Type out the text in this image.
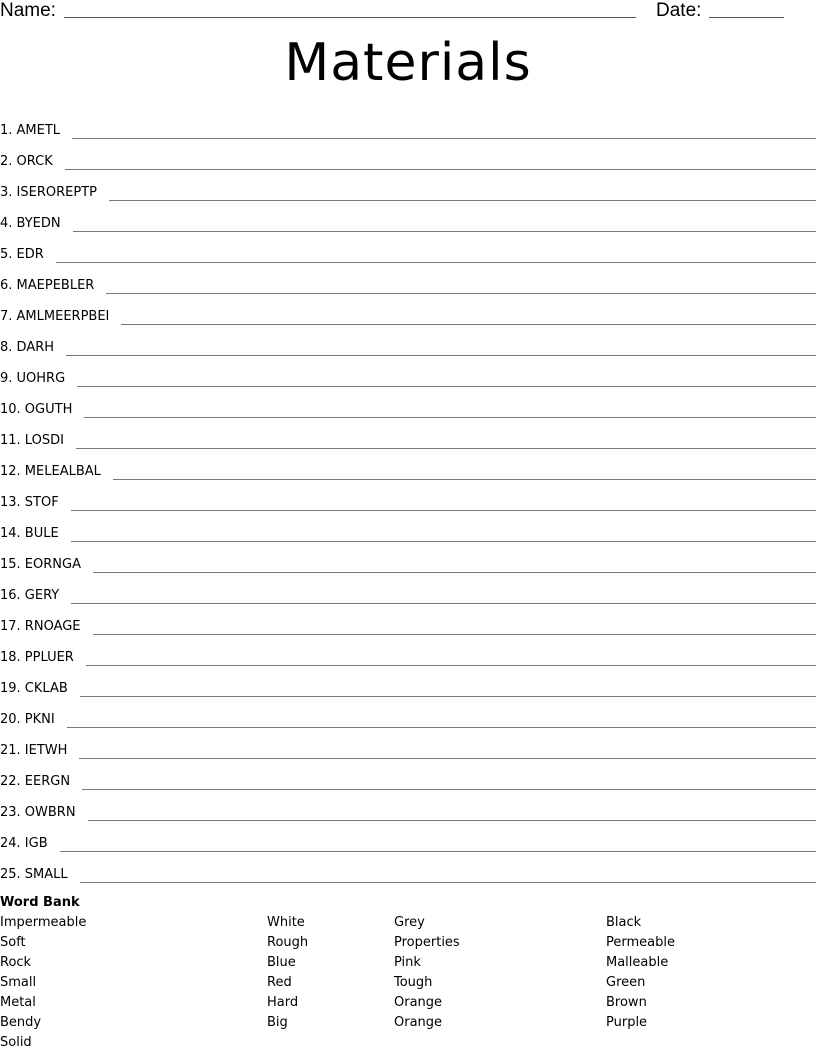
Name:	Date:
Materials
1. AMETL
2. ORCK
3. ISEROREPTP
4. BYEDN
5. EDR
6. MAEPEBLER
7. AMLMEERPBEI
8. DARH
9. UOHRG
10. OGUTH
11. LOSDI
12. MELEALBAL
13. STOF
14. BULE
15. EORNGA
16. GERY
17. RNOAGE
18. PPLUER
19. CKLAB
20. PKNI
21. IETWH
22. EERGN
23. OWBRN
24. IGB
25. SMALL
Word Bank
Impermeable
Soft
Rock
Small
Metal
Bendy
Solid
White
Rough
Blue
Red
Hard
Big
Grey
Properties
Pink
Tough
Orange
Orange
Black
Permeable
Malleable
Green
Brown
Purple
